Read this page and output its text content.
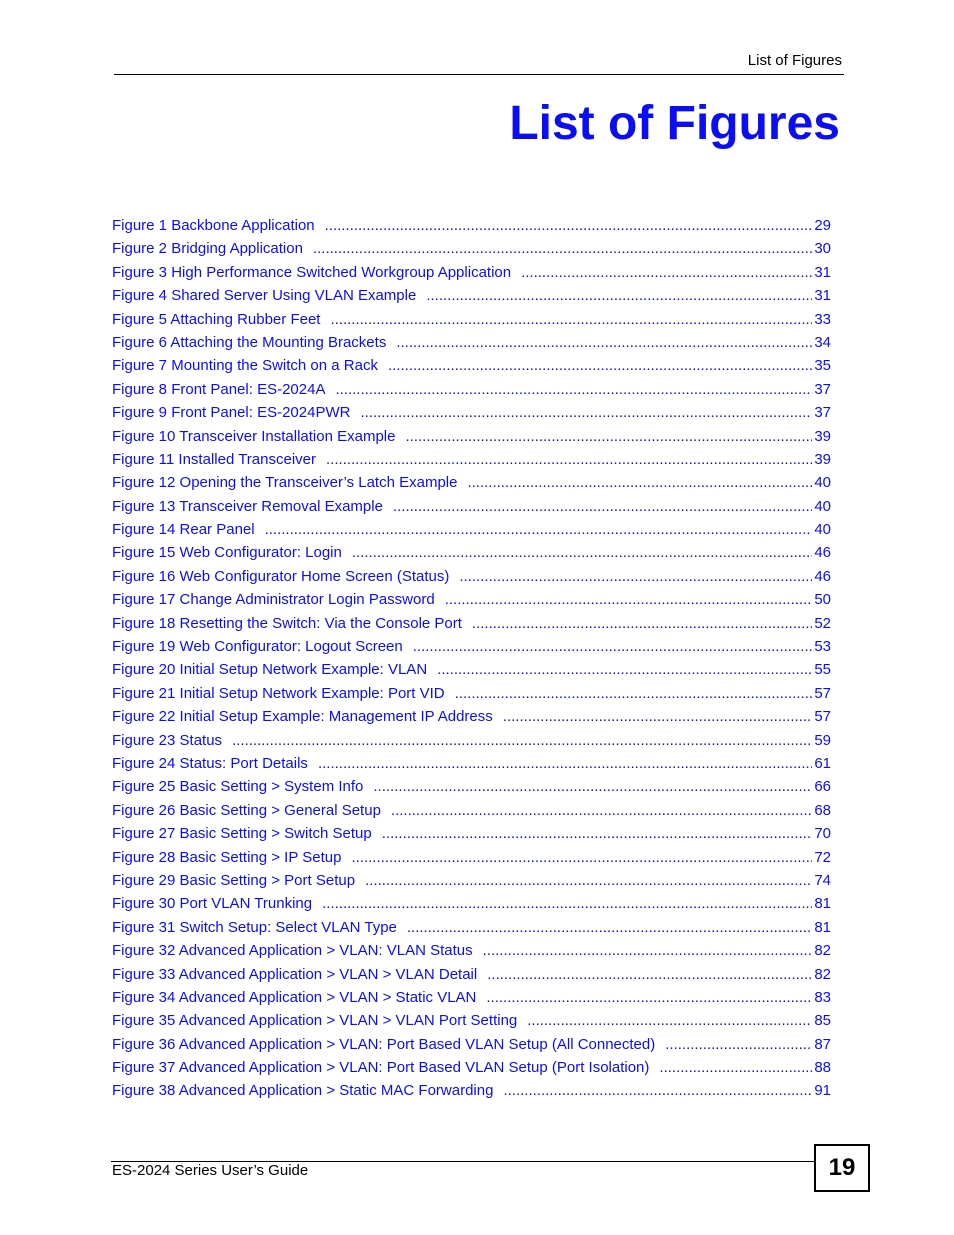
List of Figures
List of Figures
Figure 1 Backbone Application .....	29
Figure 2 Bridging Application .....	30
Figure 3 High Performance Switched Workgroup Application .....	31
Figure 4 Shared Server Using VLAN Example .....	31
Figure 5 Attaching Rubber Feet .....	33
Figure 6 Attaching the Mounting Brackets .....	34
Figure 7 Mounting the Switch on a Rack .....	35
Figure 8 Front Panel: ES-2024A .....	37
Figure 9 Front Panel: ES-2024PWR .....	37
Figure 10 Transceiver Installation Example .....	39
Figure 11 Installed Transceiver .....	39
Figure 12 Opening the Transceiver’s Latch Example .....	40
Figure 13 Transceiver Removal Example .....	40
Figure 14 Rear Panel .....	40
Figure 15 Web Configurator: Login .....	46
Figure 16 Web Configurator Home Screen (Status) .....	46
Figure 17 Change Administrator Login Password .....	50
Figure 18 Resetting the Switch: Via the Console Port .....	52
Figure 19 Web Configurator: Logout Screen .....	53
Figure 20 Initial Setup Network Example: VLAN .....	55
Figure 21 Initial Setup Network Example: Port VID .....	57
Figure 22 Initial Setup Example: Management IP Address .....	57
Figure 23 Status .....	59
Figure 24 Status: Port Details .....	61
Figure 25 Basic Setting > System Info .....	66
Figure 26 Basic Setting > General Setup .....	68
Figure 27 Basic Setting > Switch Setup .....	70
Figure 28 Basic Setting > IP Setup .....	72
Figure 29 Basic Setting > Port Setup .....	74
Figure 30 Port VLAN Trunking .....	81
Figure 31 Switch Setup: Select VLAN Type .....	81
Figure 32 Advanced Application > VLAN: VLAN Status .....	82
Figure 33 Advanced Application > VLAN > VLAN Detail .....	82
Figure 34 Advanced Application > VLAN > Static VLAN .....	83
Figure 35 Advanced Application > VLAN > VLAN Port Setting .....	85
Figure 36 Advanced Application > VLAN: Port Based VLAN Setup (All Connected) .....	87
Figure 37 Advanced Application > VLAN: Port Based VLAN Setup (Port Isolation) .....	88
Figure 38 Advanced Application > Static MAC Forwarding .....	91
ES-2024 Series User’s Guide	19
